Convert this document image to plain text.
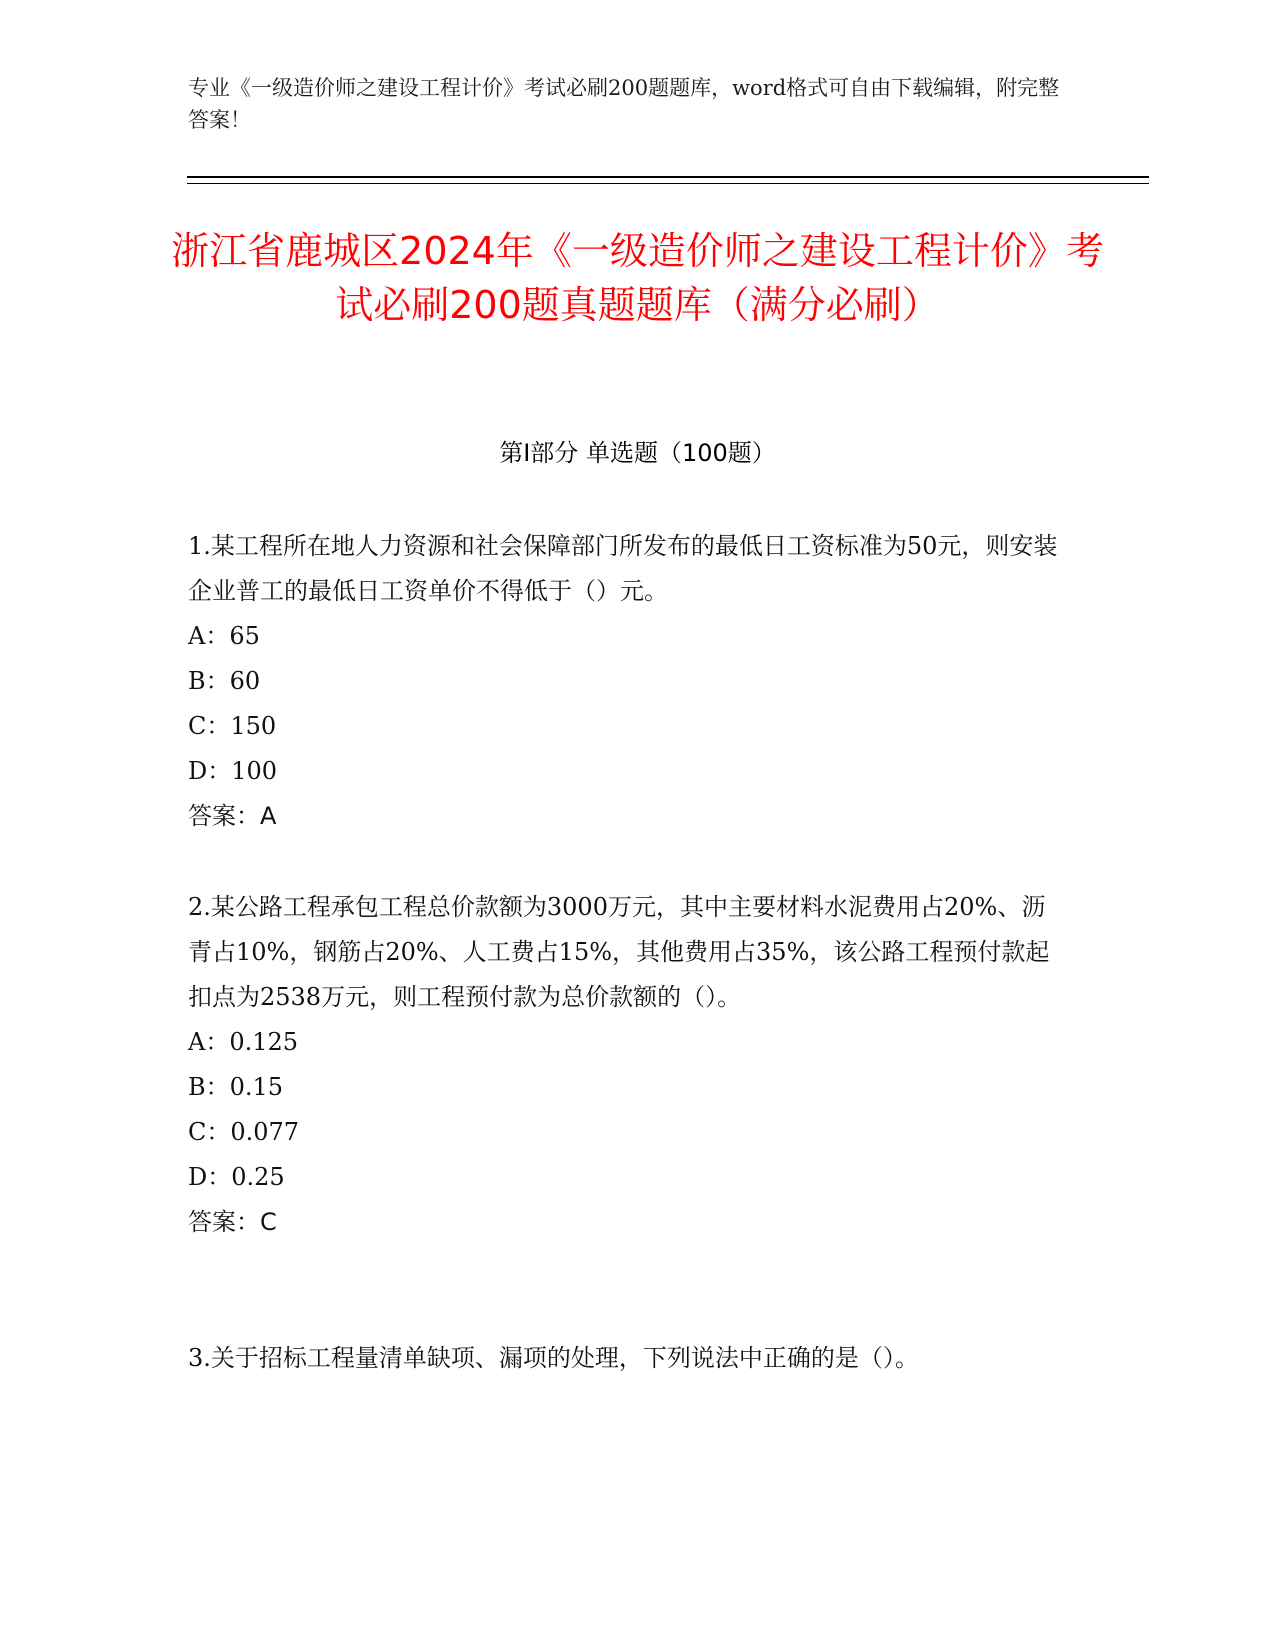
专业《一级造价师之建设工程计价》考试必刷200题题库，word格式可自由下载编辑，附完整答案！
浙江省鹿城区2024年《一级造价师之建设工程计价》考试必刷200题真题题库（满分必刷）
第I部分 单选题（100题）
1.某工程所在地人力资源和社会保障部门所发布的最低日工资标准为50元，则安装企业普工的最低日工资单价不得低于（）元。
A：65
B：60
C：150
D：100
答案：A
2.某公路工程承包工程总价款额为3000万元，其中主要材料水泥费用占20%、沥青占10%，钢筋占20%、人工费占15%，其他费用占35%，该公路工程预付款起扣点为2538万元，则工程预付款为总价款额的（）。
A：0.125
B：0.15
C：0.077
D：0.25
答案：C
3.关于招标工程量清单缺项、漏项的处理，下列说法中正确的是（）。
